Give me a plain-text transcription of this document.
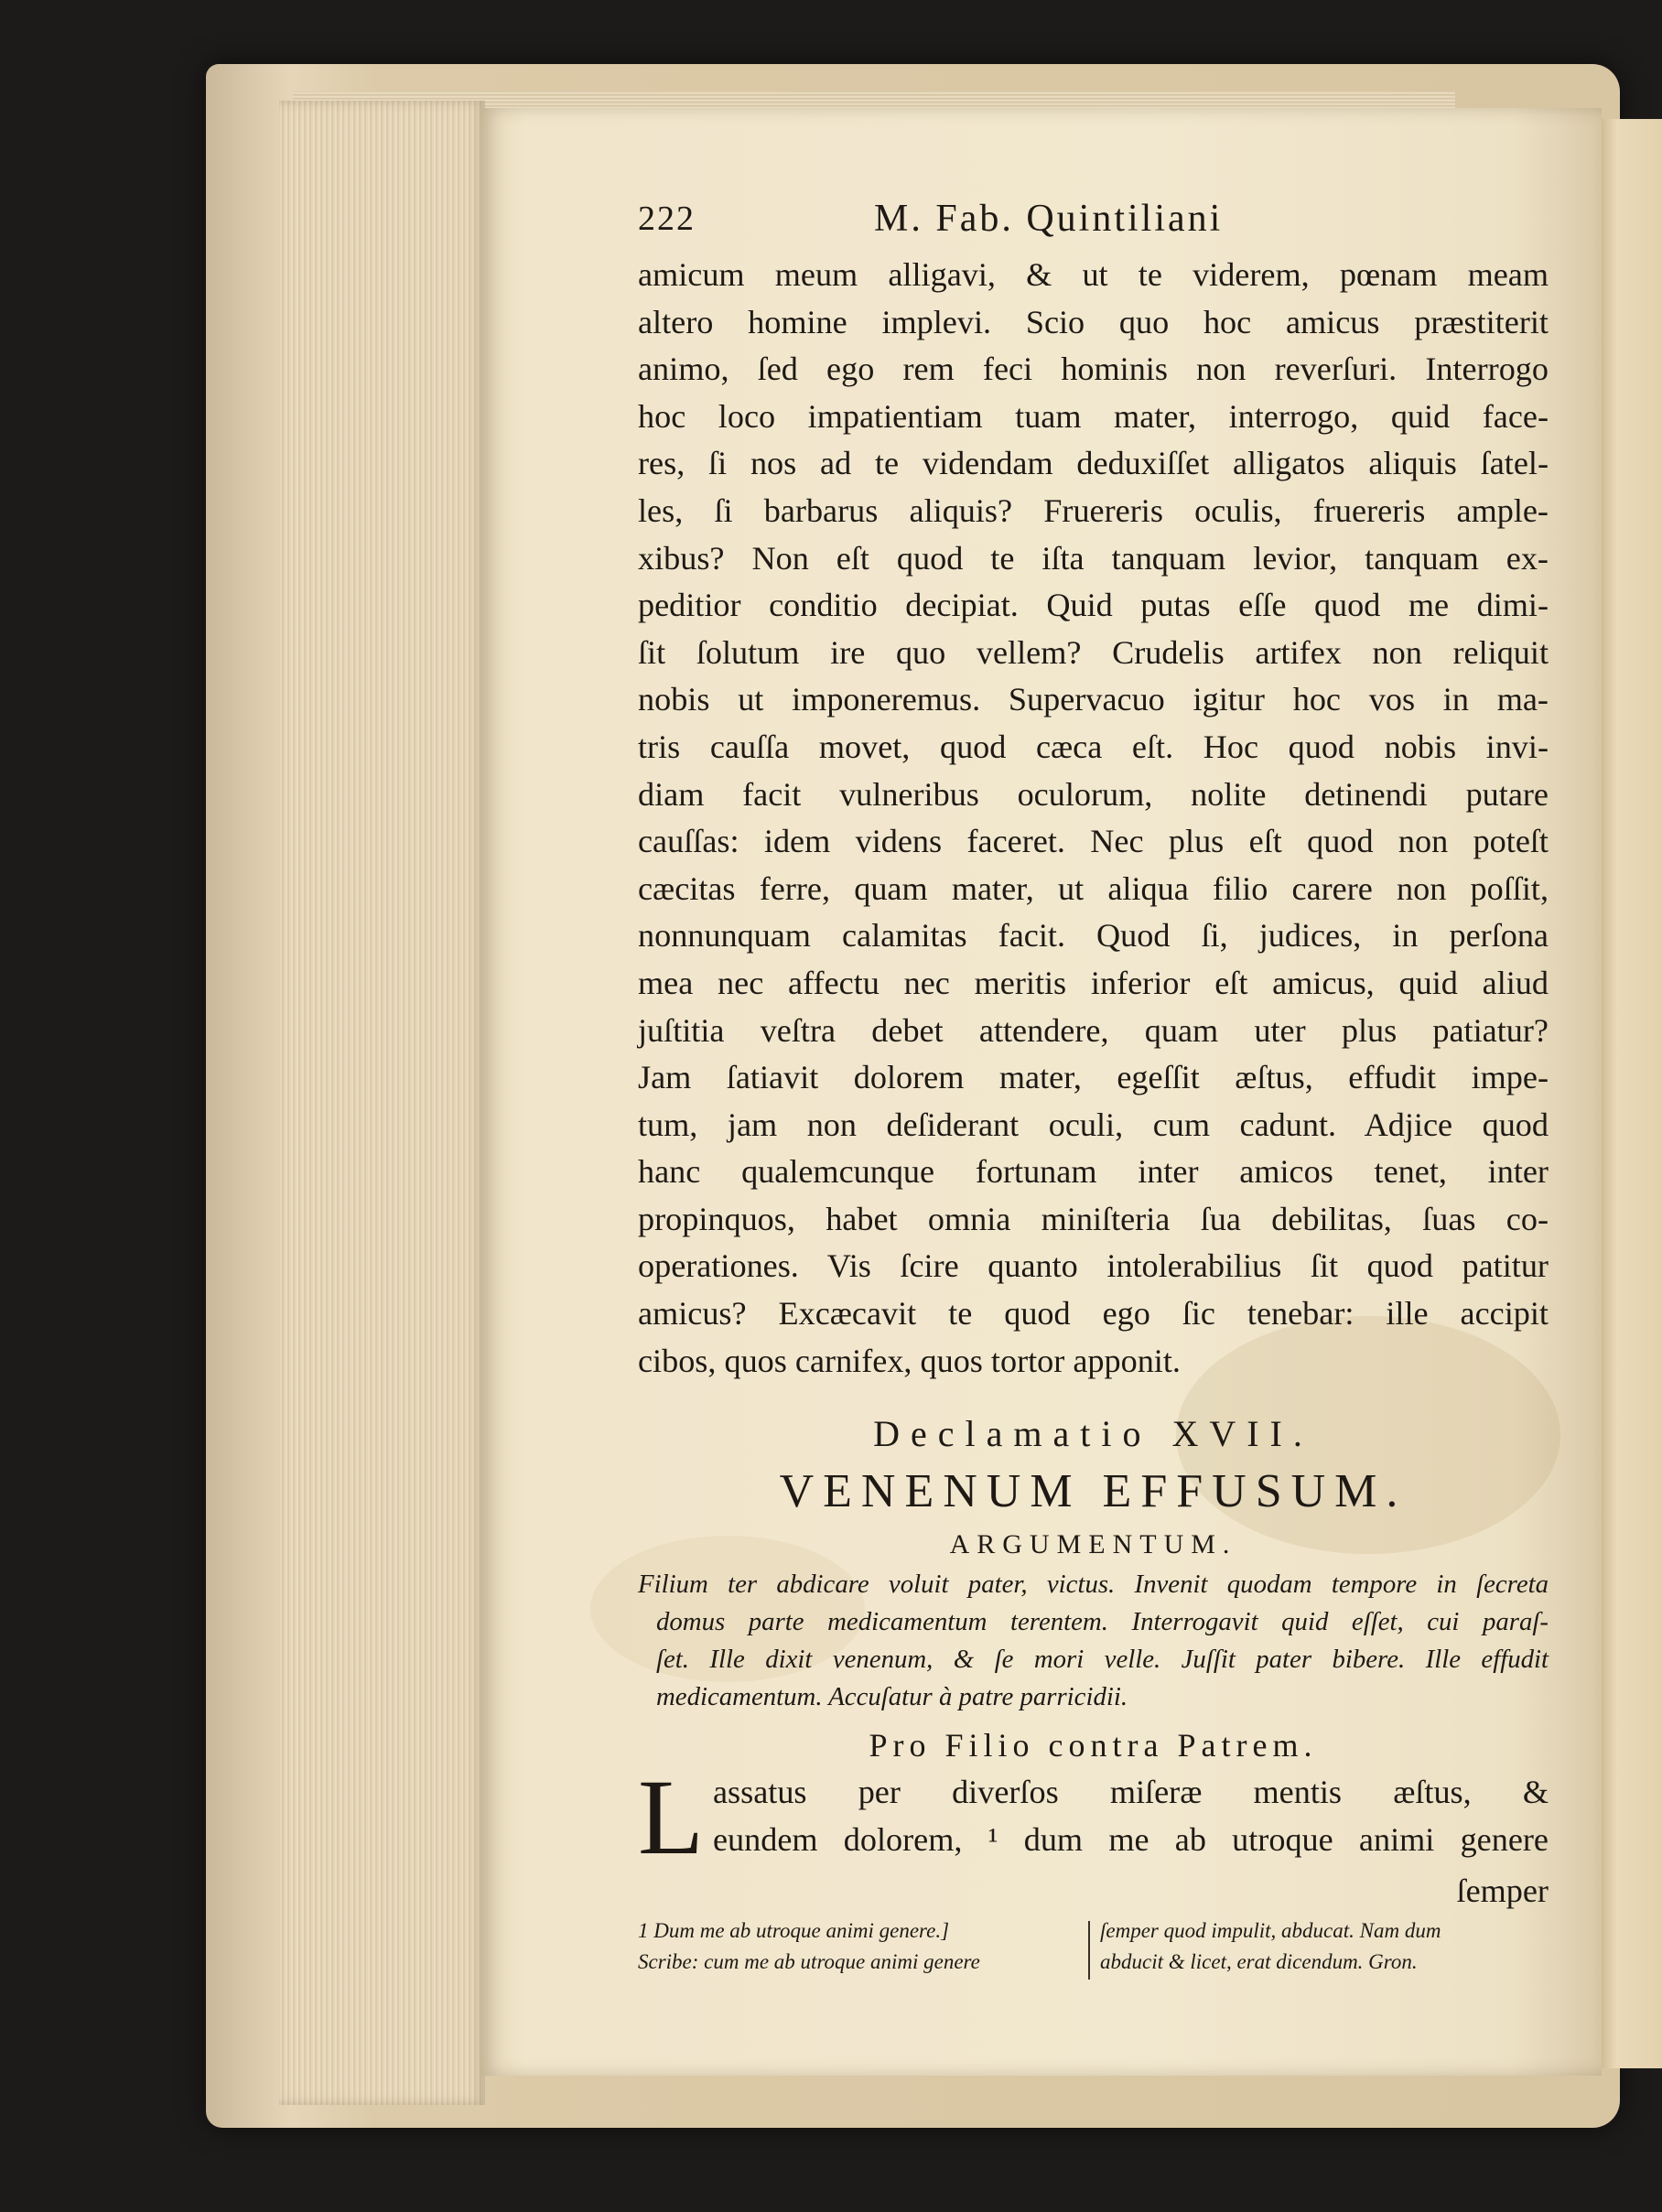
222	M. Fab. Quintiliani
amicum meum alligavi, & ut te viderem, pœnam meam
altero homine implevi. Scio quo hoc amicus præstiterit
animo, ſed ego rem feci hominis non reverſuri. Interrogo
hoc loco impatientiam tuam mater, interrogo, quid face-
res, ſi nos ad te videndam deduxiſſet alligatos aliquis ſatel-
les, ſi barbarus aliquis? Fruereris oculis, fruereris ample-
xibus? Non eſt quod te iſta tanquam levior, tanquam ex-
peditior conditio decipiat. Quid putas eſſe quod me dimi-
ſit ſolutum ire quo vellem? Crudelis artifex non reliquit
nobis ut imponeremus. Supervacuo igitur hoc vos in ma-
tris cauſſa movet, quod cæca eſt. Hoc quod nobis invi-
diam facit vulneribus oculorum, nolite detinendi putare
cauſſas: idem videns faceret. Nec plus eſt quod non poteſt
cæcitas ferre, quam mater, ut aliqua filio carere non poſſit,
nonnunquam calamitas facit. Quod ſi, judices, in perſona
mea nec affectu nec meritis inferior eſt amicus, quid aliud
juſtitia veſtra debet attendere, quam uter plus patiatur?
Jam ſatiavit dolorem mater, egeſſit æſtus, effudit impe-
tum, jam non deſiderant oculi, cum cadunt. Adjice quod
hanc qualemcunque fortunam inter amicos tenet, inter
propinquos, habet omnia miniſteria ſua debilitas, ſuas co-
operationes. Vis ſcire quanto intolerabilius ſit quod patitur
amicus? Excæcavit te quod ego ſic tenebar: ille accipit
cibos, quos carnifex, quos tortor apponit.
Declamatio XVII.
VENENUM EFFUSUM.
ARGUMENTUM.
Filium ter abdicare voluit pater, victus. Invenit quodam tempore in ſecreta
domus parte medicamentum terentem. Interrogavit quid eſſet, cui paraſ-
ſet. Ille dixit venenum, & ſe mori velle. Juſſit pater bibere. Ille effudit
medicamentum. Accuſatur à patre parricidii.
Pro Filio contra Patrem.
L assatus per diverſos miſeræ mentis æſtus, &
eundem dolorem, ¹ dum me ab utroque animi genere
ſemper
1 Dum me ab utroque animi genere.]
Scribe: cum me ab utroque animi genere
ſemper quod impulit, abducat. Nam dum
abducit & licet, erat dicendum. Gron.
